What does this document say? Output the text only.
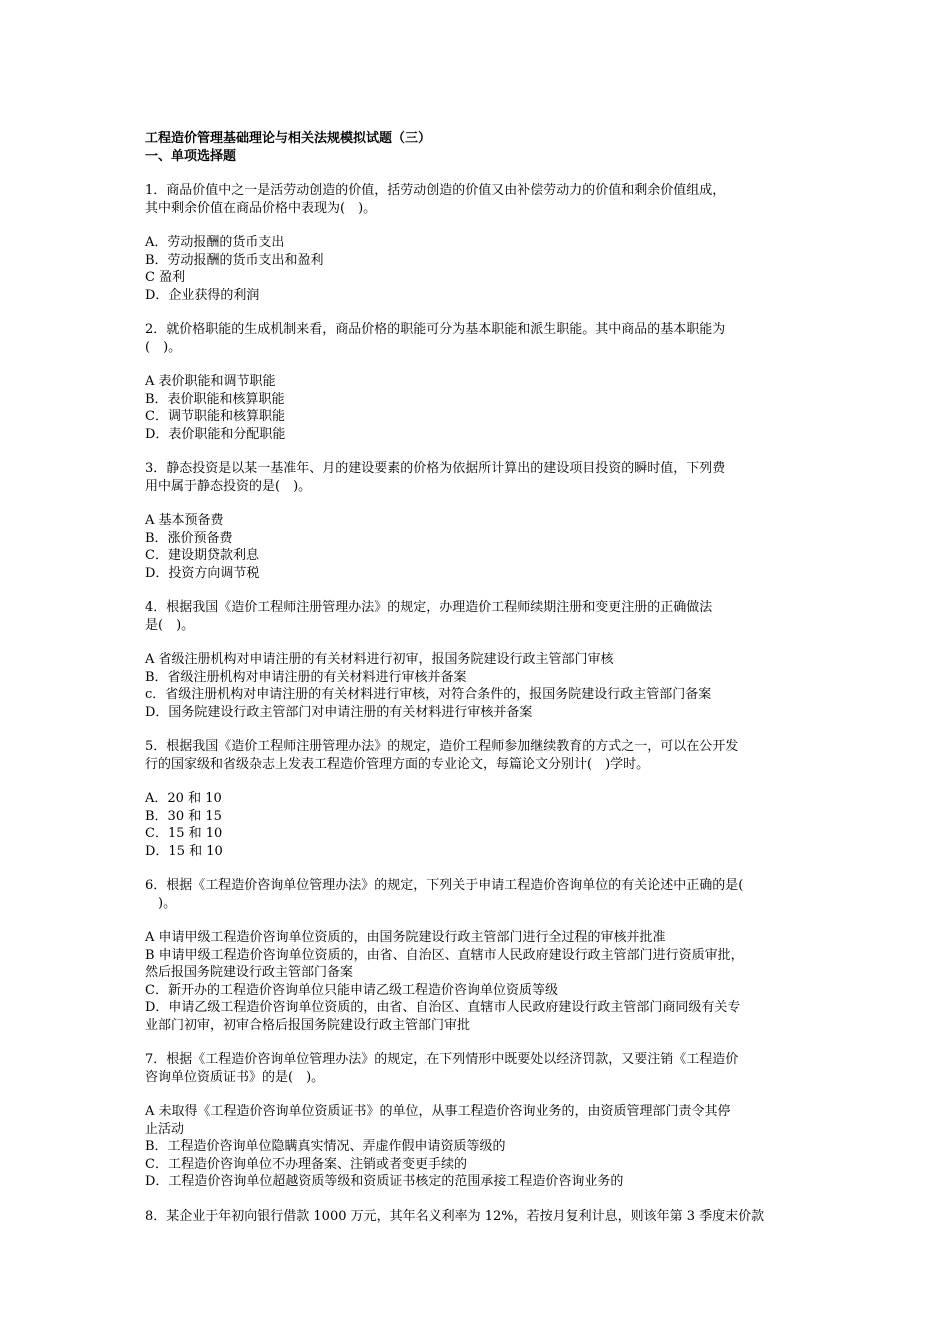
工程造价管理基础理论与相关法规模拟试题（三）
一、单项选择题
1．商品价值中之一是活劳动创造的价值，括劳动创造的价值又由补偿劳动力的价值和剩余价值组成，
其中剩余价值在商品价格中表现为(　)。
A．劳动报酬的货币支出
B．劳动报酬的货币支出和盈利
C 盈利
D．企业获得的利润
2．就价格职能的生成机制来看，商品价格的职能可分为基本职能和派生职能。其中商品的基本职能为
(　)。
A 表价职能和调节职能
B．表价职能和核算职能
C．调节职能和核算职能
D．表价职能和分配职能
3．静态投资是以某一基准年、月的建设要素的价格为依据所计算出的建设项目投资的瞬时值，下列费
用中属于静态投资的是(　)。
A 基本预备费
B．涨价预备费
C．建设期贷款利息
D．投资方向调节税
4．根据我国《造价工程师注册管理办法》的规定，办理造价工程师续期注册和变更注册的正确做法
是(　)。
A 省级注册机构对申请注册的有关材料进行初审，报国务院建设行政主管部门审核
B．省级注册机构对申请注册的有关材料进行审核并备案
c．省级注册机构对申请注册的有关材料进行审核，对符合条件的，报国务院建设行政主管部门备案
D．国务院建设行政主管部门对申请注册的有关材料进行审核并备案
5．根据我国《造价工程师注册管理办法》的规定，造价工程师参加继续教育的方式之一，可以在公开发
行的国家级和省级杂志上发表工程造价管理方面的专业论文，每篇论文分别计(　)学时。
A．20 和 10
B．30 和 15
C．15 和 10
D．15 和 10
6．根据《工程造价咨询单位管理办法》的规定，下列关于申请工程造价咨询单位的有关论述中正确的是(
　)。
A 申请甲级工程造价咨询单位资质的，由国务院建设行政主管部门进行全过程的审核并批准
B 申请甲级工程造价咨询单位资质的，由省、自治区、直辖市人民政府建设行政主管部门进行资质审批，
然后报国务院建设行政主管部门备案
C．新开办的工程造价咨询单位只能申请乙级工程造价咨询单位资质等级
D．申请乙级工程造价咨询单位资质的，由省、自治区、直辖市人民政府建设行政主管部门商同级有关专
业部门初审，初审合格后报国务院建设行政主管部门审批
7．根据《工程造价咨询单位管理办法》的规定，在下列情形中既要处以经济罚款，又要注销《工程造价
咨询单位资质证书》的是(　)。
A 未取得《工程造价咨询单位资质证书》的单位，从事工程造价咨询业务的，由资质管理部门责令其停
止活动
B．工程造价咨询单位隐瞒真实情况、弄虚作假申请资质等级的
C．工程造价咨询单位不办理备案、注销或者变更手续的
D．工程造价咨询单位超越资质等级和资质证书核定的范围承接工程造价咨询业务的
8．某企业于年初向银行借款 1000 万元，其年名义利率为 12%，若按月复利计息，则该年第 3 季度末价款
